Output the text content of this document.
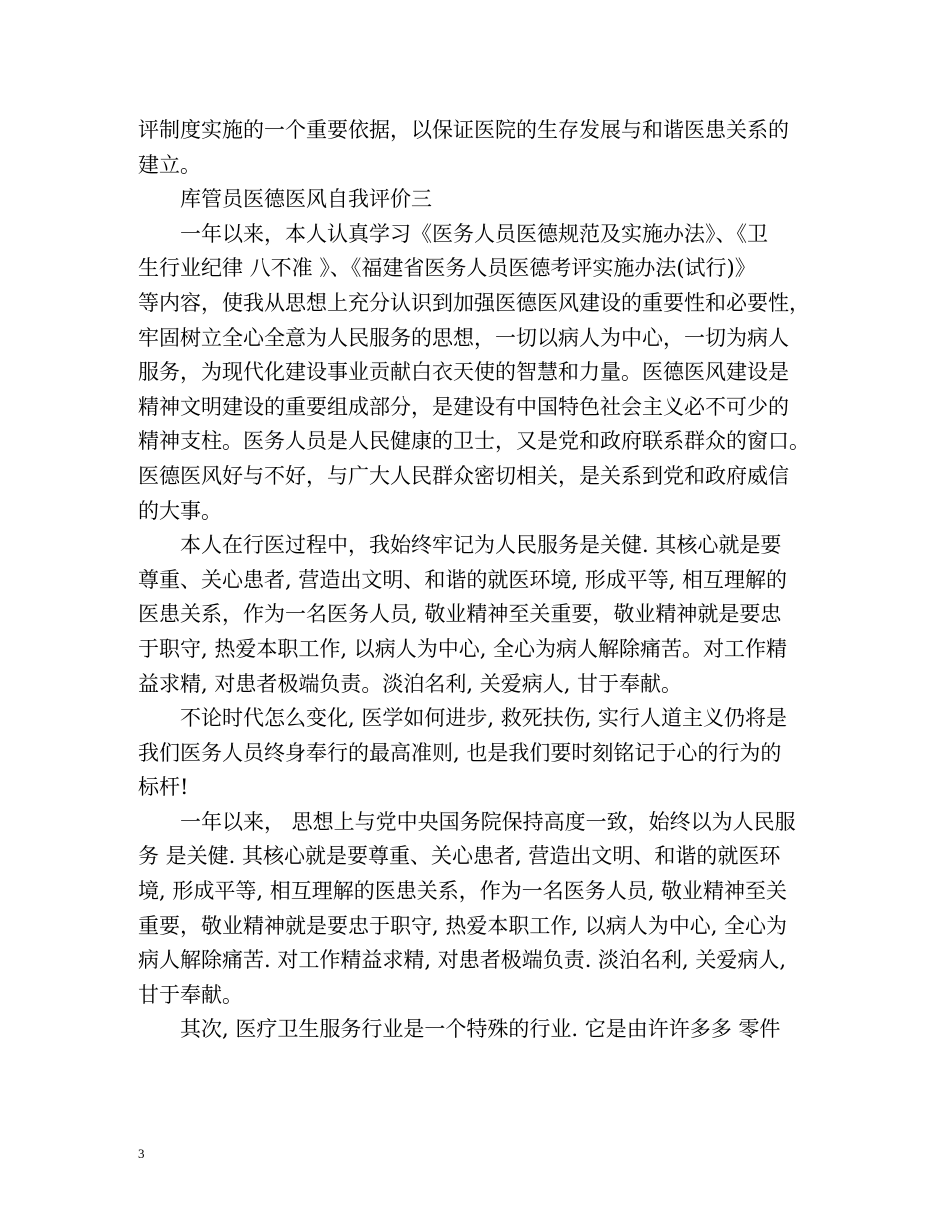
评制度实施的一个重要依据，以保证医院的生存发展与和谐医患关系的

建立。

库管员医德医风自我评价三

一年以来，本人认真学习《医务人员医德规范及实施办法》、《卫

生行业纪律 八不准 》、《福建省医务人员医德考评实施办法(试行)》

等内容，使我从思想上充分认识到加强医德医风建设的重要性和必要性，

牢固树立全心全意为人民服务的思想，一切以病人为中心，一切为病人

服务，为现代化建设事业贡献白衣天使的智慧和力量。医德医风建设是

精神文明建设的重要组成部分，是建设有中国特色社会主义必不可少的

精神支柱。医务人员是人民健康的卫士，又是党和政府联系群众的窗口。

医德医风好与不好，与广大人民群众密切相关，是关系到党和政府威信

的大事。

本人在行医过程中，我始终牢记为人民服务是关健. 其核心就是要

尊重、关心患者, 营造出文明、和谐的就医环境, 形成平等, 相互理解的

医患关系，作为一名医务人员, 敬业精神至关重要，敬业精神就是要忠

于职守, 热爱本职工作, 以病人为中心, 全心为病人解除痛苦。对工作精

益求精, 对患者极端负责。淡泊名利, 关爱病人, 甘于奉献。

不论时代怎么变化, 医学如何进步, 救死扶伤, 实行人道主义仍将是

我们医务人员终身奉行的最高准则, 也是我们要时刻铭记于心的行为的

标杆!

一年以来， 思想上与党中央国务院保持高度一致，始终以为人民服

务 是关健. 其核心就是要尊重、关心患者, 营造出文明、和谐的就医环

境, 形成平等, 相互理解的医患关系，作为一名医务人员, 敬业精神至关

重要，敬业精神就是要忠于职守, 热爱本职工作, 以病人为中心, 全心为

病人解除痛苦. 对工作精益求精, 对患者极端负责. 淡泊名利, 关爱病人,

甘于奉献。

其次, 医疗卫生服务行业是一个特殊的行业. 它是由许许多多 零件

3
